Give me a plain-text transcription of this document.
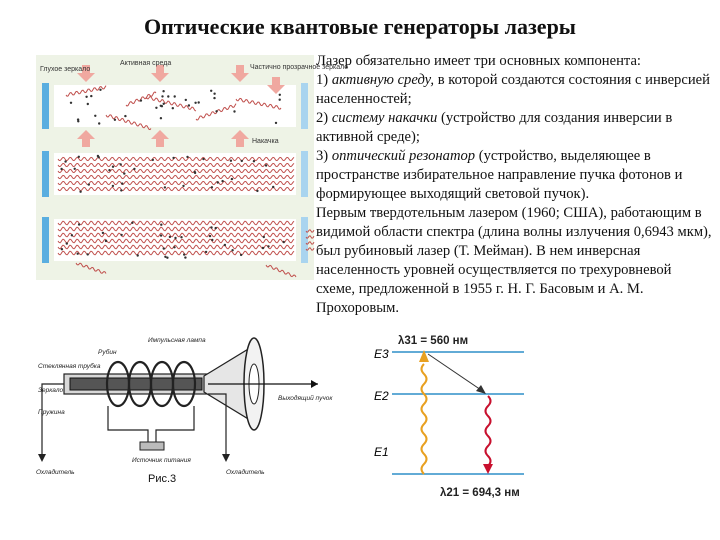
Оптические квантовые генераторы лазеры

Лазер обязательно имеет три основных компонента:

1) активную среду, в которой создаются состояния с инверсией населенностей;

2) систему накачки (устройство для создания инверсии в активной среде);

3) оптический резонатор (устройство, выделяющее в пространстве избирательное направление пучка фотонов и формирующее выходящий световой пучок).

Первым твердотельным лазером (1960; США), работающим в видимой области спектра (длина волны излучения 0,6943 мкм), был рубиновый лазер (Т. Мейман). В нем инверсная населенность уровней осуществляется по трехуровневой схеме, предложенной в 1955 г. Н. Г. Басовым и А. М. Прохоровым.

Глухое зеркало
Активная среда
Частично прозрачное зеркало
Накачка
Рубин
Стеклянная трубка
Зеркало
Пружина
Импульсная лампа
Источник питания
Выходящий пучок
Охладитель	Охладитель
Рис.3
E3
E2
E1
λ31 = 560 нм
λ21 = 694,3 нм
